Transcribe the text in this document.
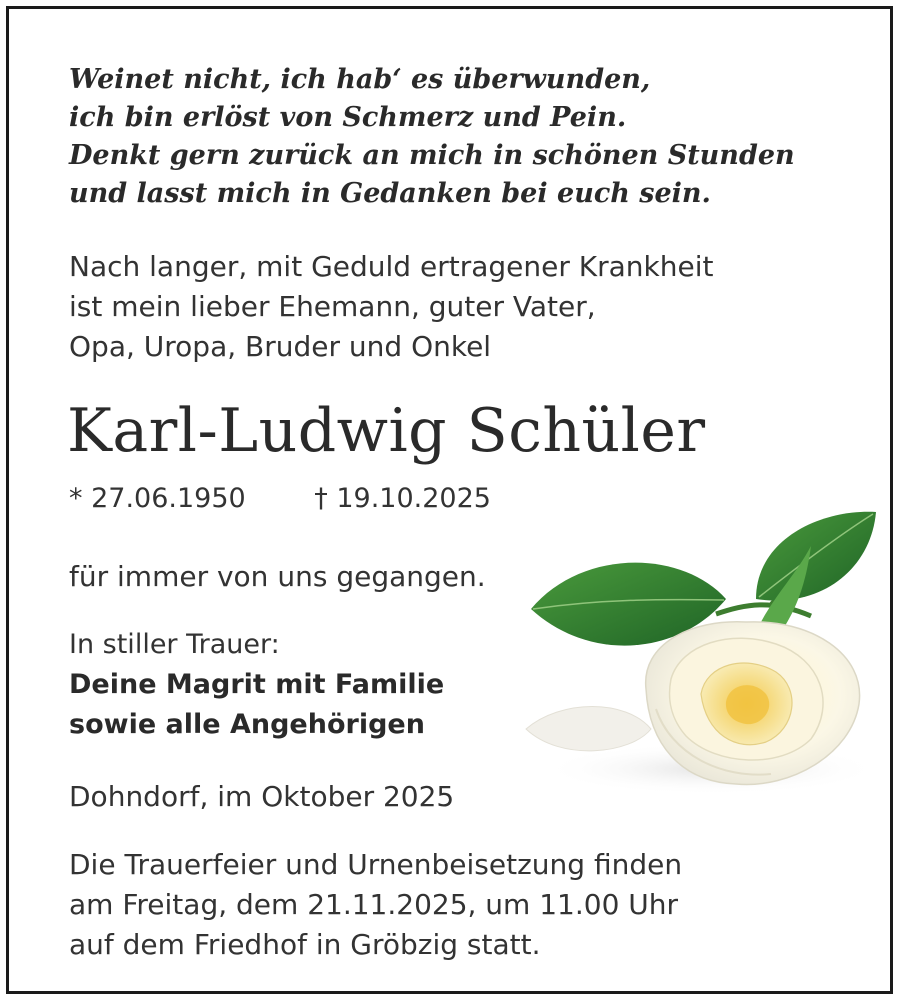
Weinet nicht, ich hab‘ es überwunden,
ich bin erlöst von Schmerz und Pein.
Denkt gern zurück an mich in schönen Stunden
und lasst mich in Gedanken bei euch sein.
Nach langer, mit Geduld ertragener Krankheit
ist mein lieber Ehemann, guter Vater,
Opa, Uropa, Bruder und Onkel
Karl-Ludwig Schüler
* 27.06.1950	† 19.10.2025
für immer von uns gegangen.
In stiller Trauer:
Deine Magrit mit Familie
sowie alle Angehörigen
Dohndorf, im Oktober 2025
Die Trauerfeier und Urnenbeisetzung finden
am Freitag, dem 21.11.2025, um 11.00 Uhr
auf dem Friedhof in Gröbzig statt.
